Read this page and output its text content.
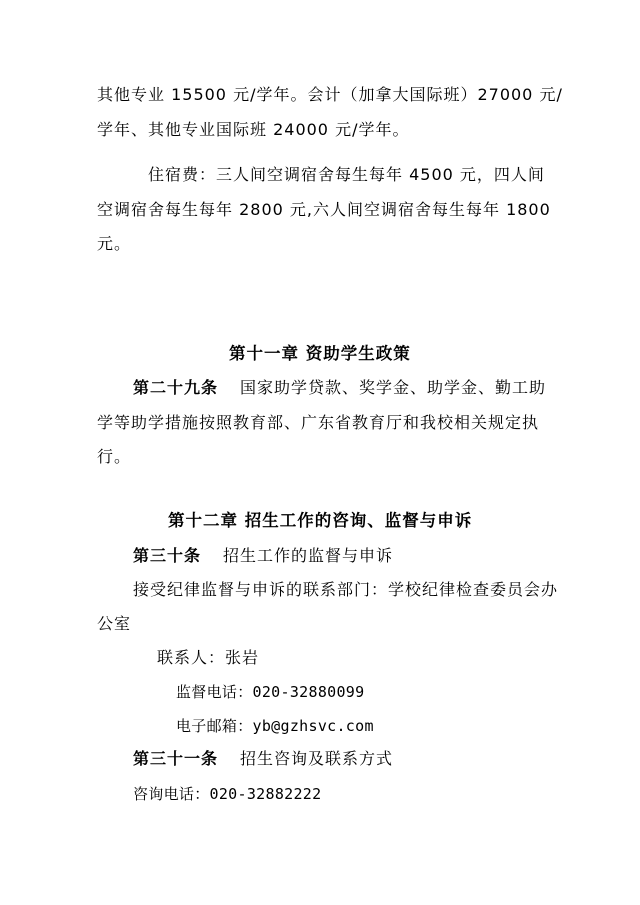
其他专业 15500 元/学年。会计（加拿大国际班）27000 元/
学年、其他专业国际班 24000 元/学年。
住宿费：三人间空调宿舍每生每年 4500 元，四人间
空调宿舍每生每年 2800 元,六人间空调宿舍每生每年 1800
元。
第十一章 资助学生政策
第二十九条 国家助学贷款、奖学金、助学金、勤工助
学等助学措施按照教育部、广东省教育厅和我校相关规定执
行。
第十二章 招生工作的咨询、监督与申诉
第三十条 招生工作的监督与申诉
接受纪律监督与申诉的联系部门：学校纪律检查委员会办
公室
联系人：张岩
监督电话：020-32880099
电子邮箱：yb@gzhsvc.com
第三十一条 招生咨询及联系方式
咨询电话：020-32882222
